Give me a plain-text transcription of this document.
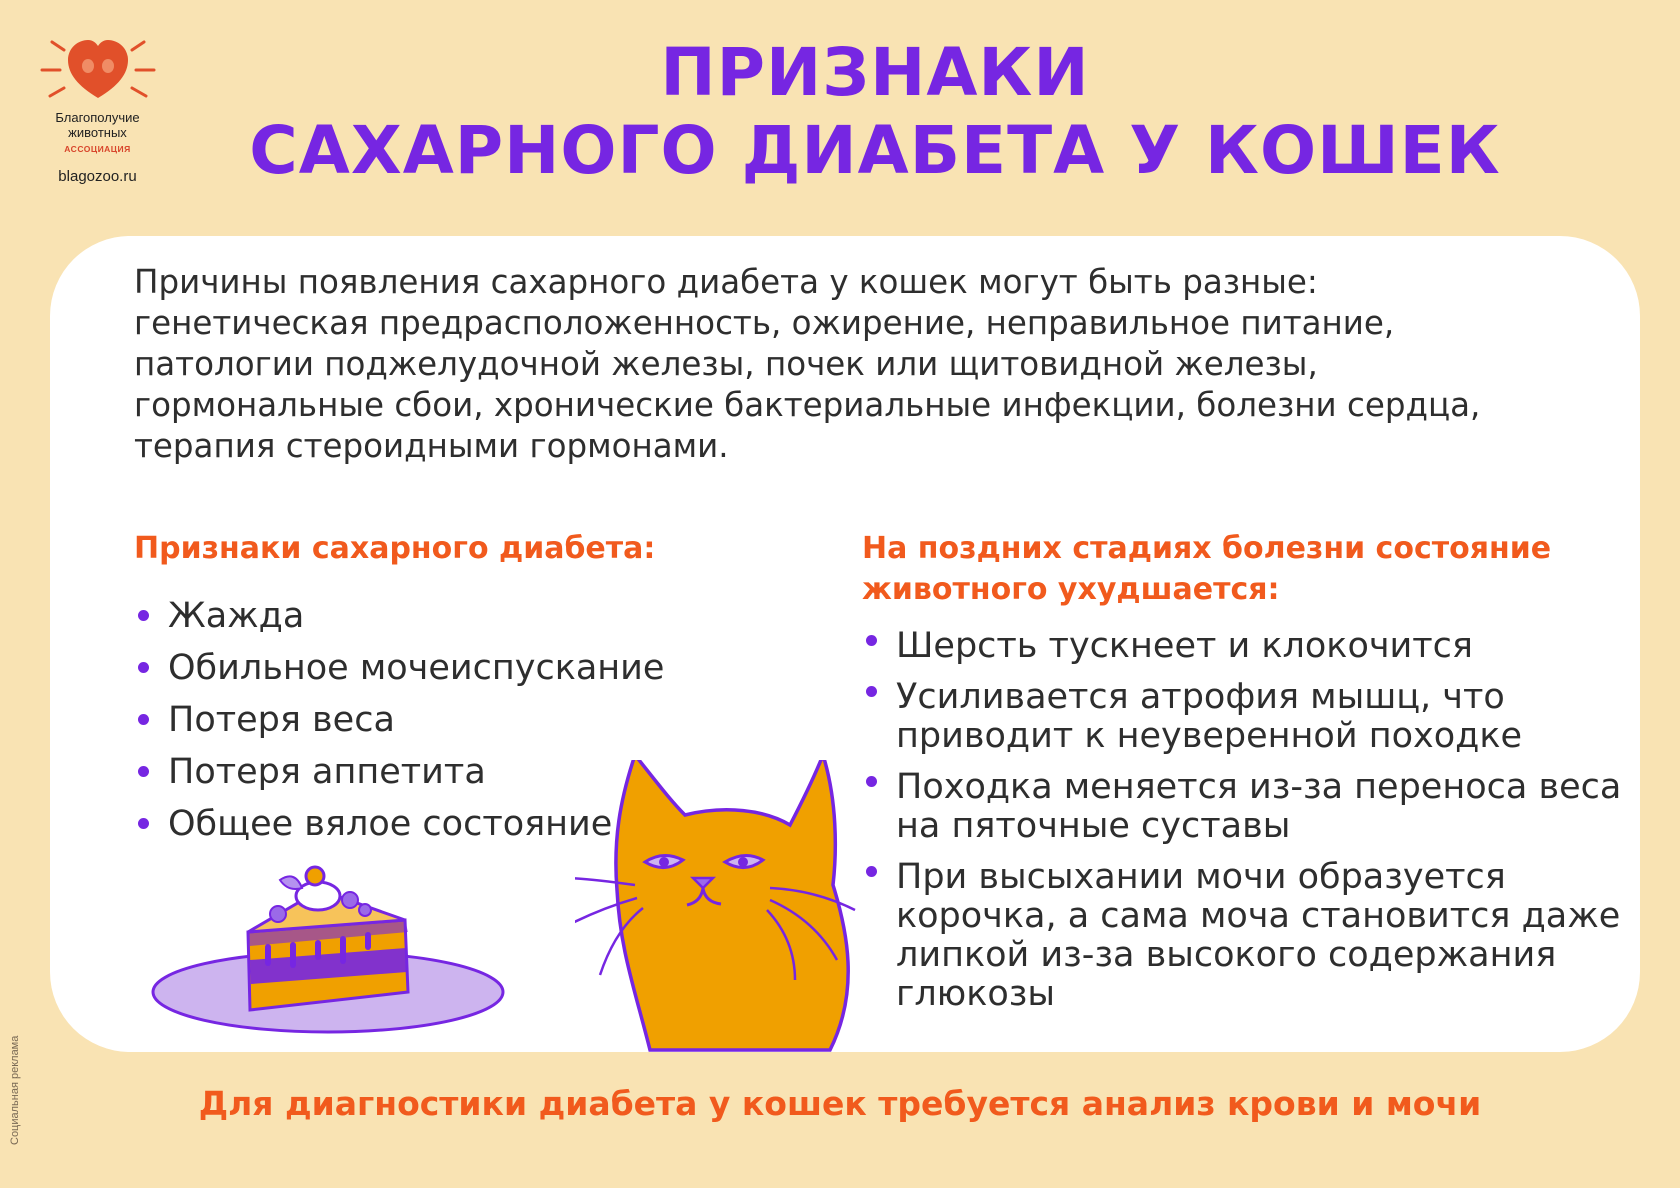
Благополучие
животных
АССОЦИАЦИЯ
blagozoo.ru
ПРИЗНАКИ
САХАРНОГО ДИАБЕТА У КОШЕК
Причины появления сахарного диабета у кошек могут быть разные:
генетическая предрасположенность, ожирение, неправильное питание,
патологии поджелудочной железы, почек или щитовидной железы,
гормональные сбои, хронические бактериальные инфекции, болезни сердца,
терапия стероидными гормонами.
Признаки сахарного диабета:
Жажда
Обильное мочеиспускание
Потеря веса
Потеря аппетита
Общее вялое состояние
На поздних стадиях болезни состояние
животного ухудшается:
Шерсть тускнеет и клокочится
Усиливается атрофия мышц, что
приводит к неуверенной походке
Походка меняется из-за переноса веса
на пяточные суставы
При высыхании мочи образуется
корочка, а сама моча становится даже
липкой из-за высокого содержания
глюкозы
Для диагностики диабета у кошек требуется анализ крови и мочи
Социальная реклама
